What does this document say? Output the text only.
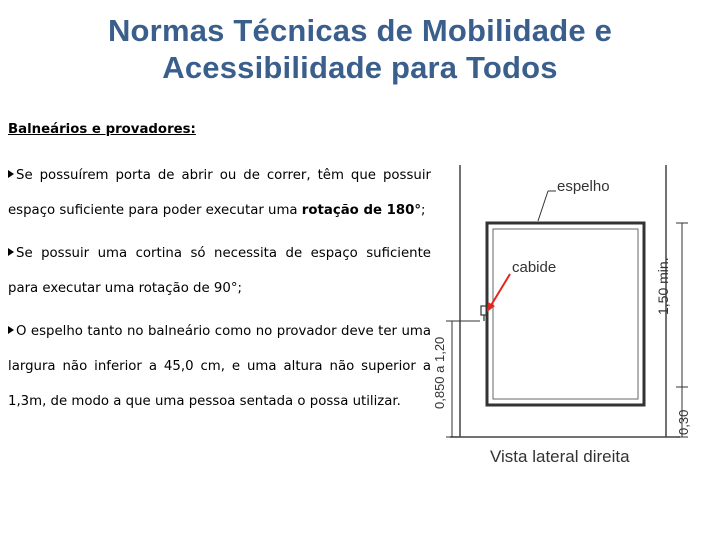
Normas Técnicas de Mobilidade e
Acessibilidade para Todos
Balneários e provadores:
Se possuírem porta de abrir ou de correr, têm que possuir espaço suficiente para poder executar uma rotação de 180°;
Se possuir uma cortina só necessita de espaço suficiente para executar uma rotação de 90°;
O espelho tanto no balneário como no provador deve ter uma largura não inferior a 45,0 cm, e uma altura não superior a 1,3m, de modo a que uma pessoa sentada o possa utilizar.
espelho
cabide	1,50 min.
0,30
0,850 a 1,20
Vista lateral direita
